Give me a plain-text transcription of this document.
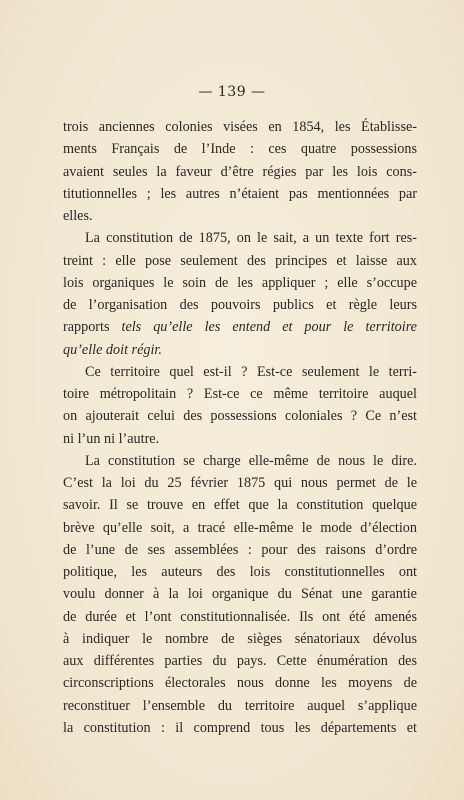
— 139 —
trois anciennes colonies visées en 1854, les Établisse-
ments Français de l’Inde : ces quatre possessions
avaient seules la faveur d’être régies par les lois cons-
titutionnelles ; les autres n’étaient pas mentionnées par
elles.
La constitution de 1875, on le sait, a un texte fort res-
treint : elle pose seulement des principes et laisse aux
lois organiques le soin de les appliquer ; elle s’occupe
de l’organisation des pouvoirs publics et règle leurs
rapports tels qu’elle les entend et pour le territoire
qu’elle doit régir.
Ce territoire quel est-il ? Est-ce seulement le terri-
toire métropolitain ? Est-ce ce même territoire auquel
on ajouterait celui des possessions coloniales ? Ce n’est
ni l’un ni l’autre.
La constitution se charge elle-même de nous le dire.
C’est la loi du 25 février 1875 qui nous permet de le
savoir. Il se trouve en effet que la constitution quelque
brève qu’elle soit, a tracé elle-même le mode d’élection
de l’une de ses assemblées : pour des raisons d’ordre
politique, les auteurs des lois constitutionnelles ont
voulu donner à la loi organique du Sénat une garantie
de durée et l’ont constitutionnalisée. Ils ont été amenés
à indiquer le nombre de sièges sénatoriaux dévolus
aux différentes parties du pays. Cette énumération des
circonscriptions électorales nous donne les moyens de
reconstituer l’ensemble du territoire auquel s’applique
la constitution : il comprend tous les départements et
